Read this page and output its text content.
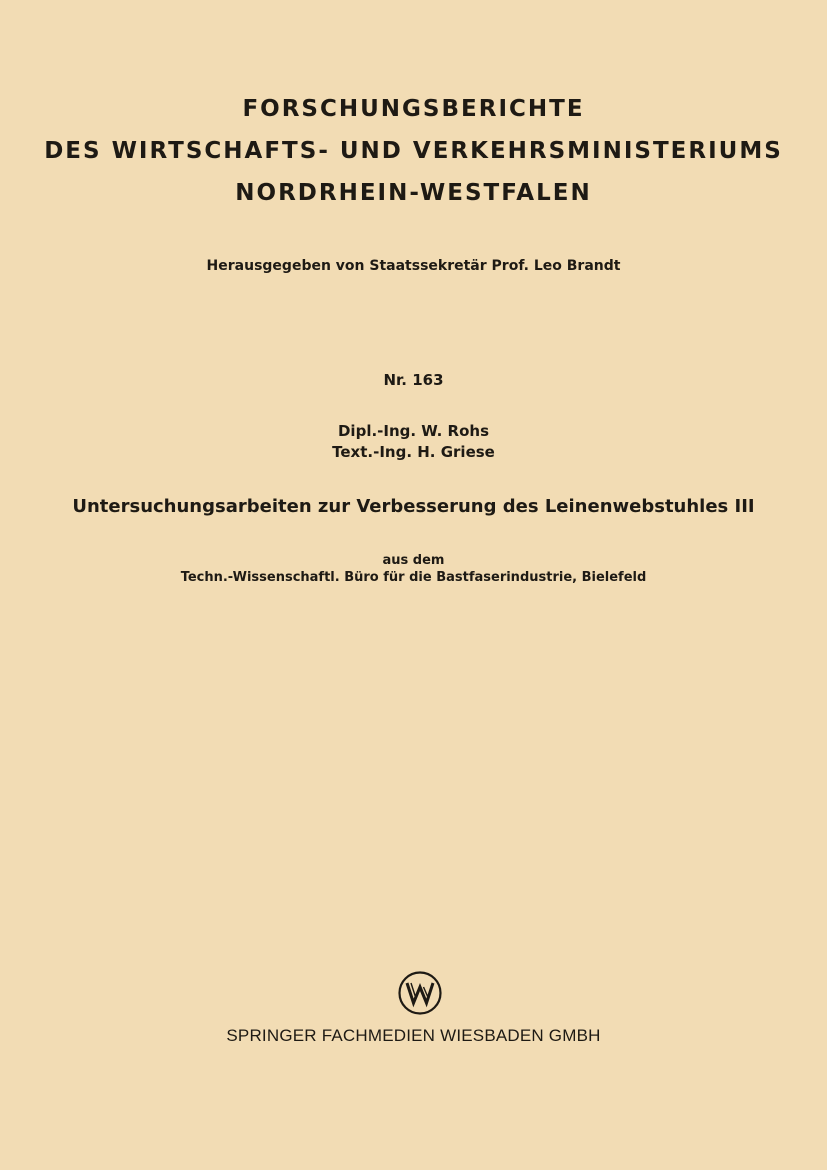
FORSCHUNGSBERICHTE

DES WIRTSCHAFTS- UND VERKEHRSMINISTERIUMS

NORDRHEIN-WESTFALEN

Herausgegeben von Staatssekretär Prof. Leo Brandt

Nr. 163

Dipl.-Ing. W. Rohs

Text.-Ing. H. Griese

Untersuchungsarbeiten zur Verbesserung des Leinenwebstuhles III

aus dem

Techn.-Wissenschaftl. Büro für die Bastfaserindustrie, Bielefeld

SPRINGER FACHMEDIEN WIESBADEN GMBH
